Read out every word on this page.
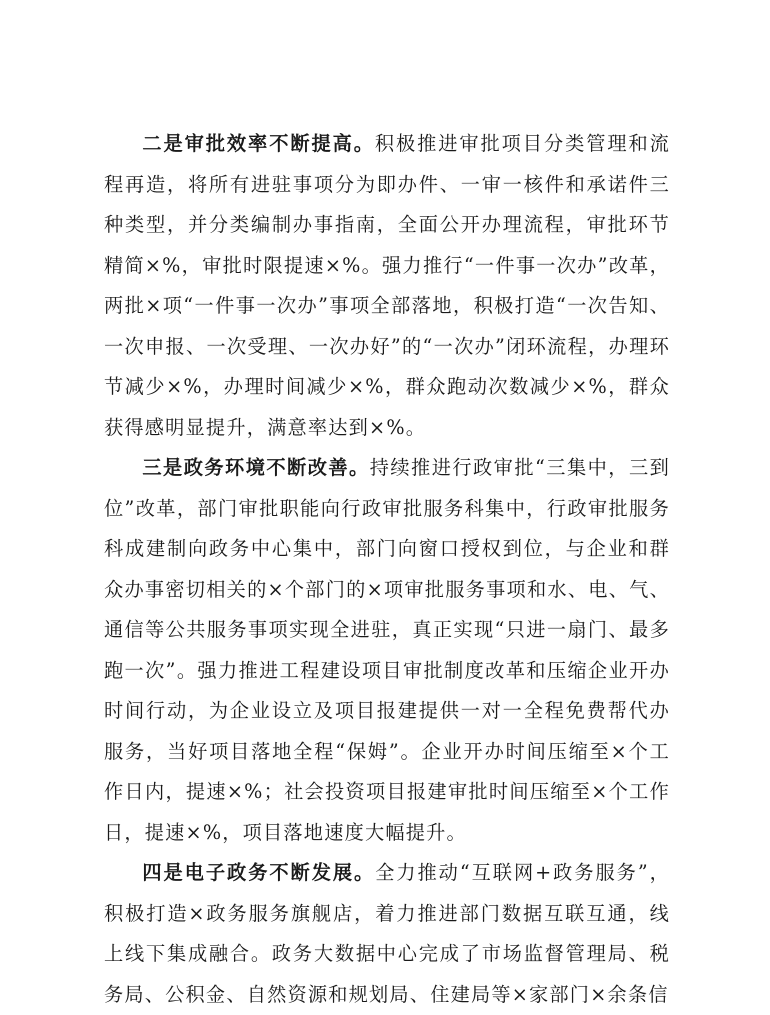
二是审批效率不断提高。积极推进审批项目分类管理和流程再造，将所有进驻事项分为即办件、一审一核件和承诺件三种类型，并分类编制办事指南，全面公开办理流程，审批环节精简×%，审批时限提速×%。强力推行“一件事一次办”改革，两批×项“一件事一次办”事项全部落地，积极打造“一次告知、一次申报、一次受理、一次办好”的“一次办”闭环流程，办理环节减少×%，办理时间减少×%，群众跑动次数减少×%，群众获得感明显提升，满意率达到×%。

三是政务环境不断改善。持续推进行政审批“三集中，三到位”改革，部门审批职能向行政审批服务科集中，行政审批服务科成建制向政务中心集中，部门向窗口授权到位，与企业和群众办事密切相关的×个部门的×项审批服务事项和水、电、气、通信等公共服务事项实现全进驻，真正实现“只进一扇门、最多跑一次”。强力推进工程建设项目审批制度改革和压缩企业开办时间行动，为企业设立及项目报建提供一对一全程免费帮代办服务，当好项目落地全程“保姆”。企业开办时间压缩至×个工作日内，提速×%；社会投资项目报建审批时间压缩至×个工作日，提速×%，项目落地速度大幅提升。

四是电子政务不断发展。全力推动“互联网+政务服务”，积极打造×政务服务旗舰店，着力推进部门数据互联互通，线上线下集成融合。政务大数据中心完成了市场监督管理局、税务局、公积金、自然资源和规划局、住建局等×家部门×余条信
